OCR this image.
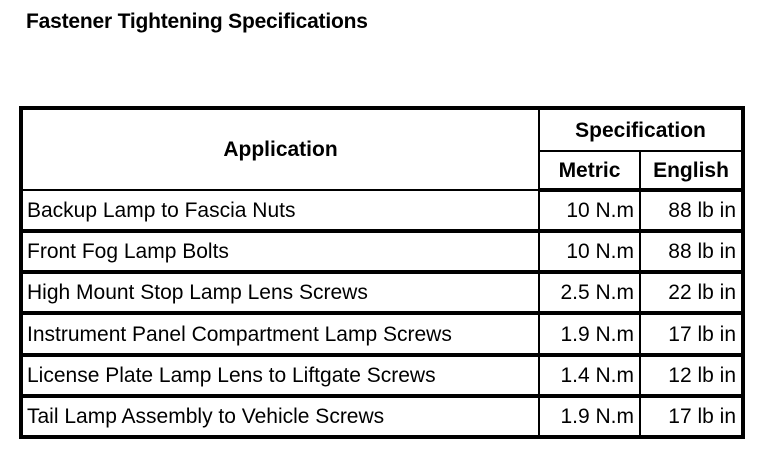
Fastener Tightening Specifications
Application	Specification	
	Metric	English
Backup Lamp to Fascia Nuts	10 N.m	88 lb in
Front Fog Lamp Bolts	10 N.m	88 lb in
High Mount Stop Lamp Lens Screws	2.5 N.m	22 lb in
Instrument Panel Compartment Lamp Screws	1.9 N.m	17 lb in
License Plate Lamp Lens to Liftgate Screws	1.4 N.m	12 lb in
Tail Lamp Assembly to Vehicle Screws	1.9 N.m	17 lb in
